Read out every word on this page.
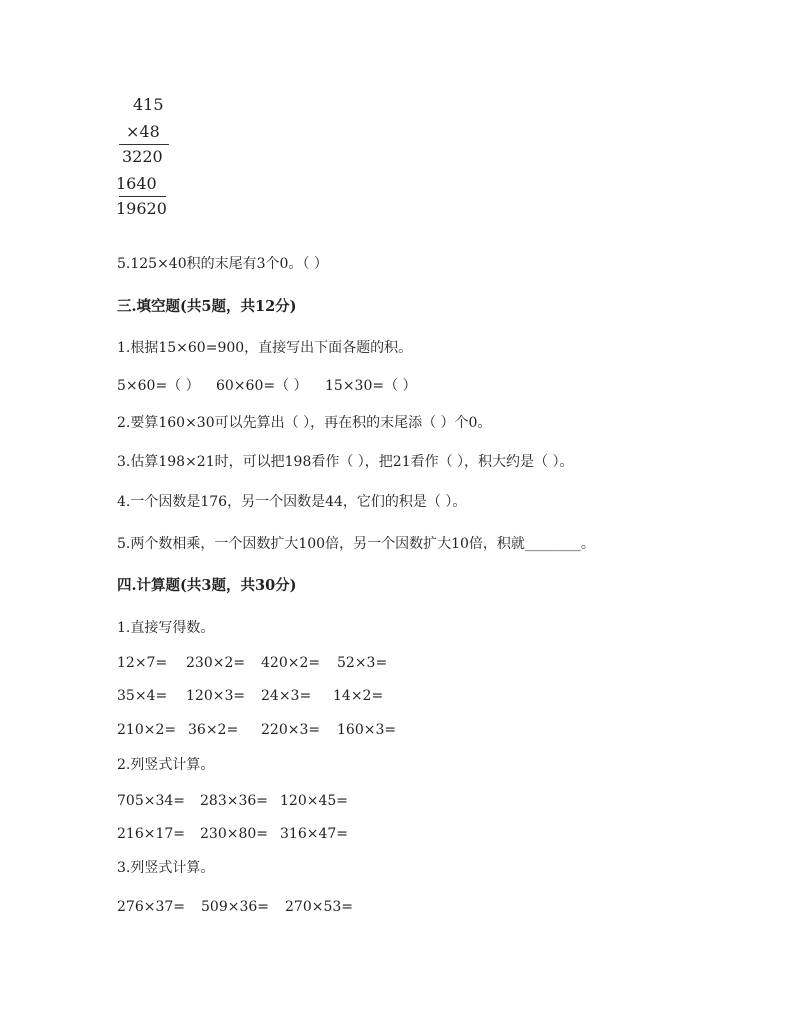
415
×48
3220
1640
19620
5.125×40积的末尾有3个0。（ ）
三.填空题(共5题，共12分)
1.根据15×60=900，直接写出下面各题的积。
5×60=（ ） 60×60=（ ） 15×30=（ ）
2.要算160×30可以先算出（ ），再在积的末尾添（ ）个0。
3.估算198×21时，可以把198看作（ ），把21看作（ ），积大约是（ ）。
4.一个因数是176，另一个因数是44，它们的积是（ ）。
5.两个数相乘，一个因数扩大100倍，另一个因数扩大10倍，积就________。
四.计算题(共3题，共30分)
1.直接写得数。
12×7= 230×2= 420×2= 52×3=
35×4= 120×3= 24×3= 14×2=
210×2= 36×2= 220×3= 160×3=
2.列竖式计算。
705×34= 283×36= 120×45=
216×17= 230×80= 316×47=
3.列竖式计算。
276×37= 509×36= 270×53=
